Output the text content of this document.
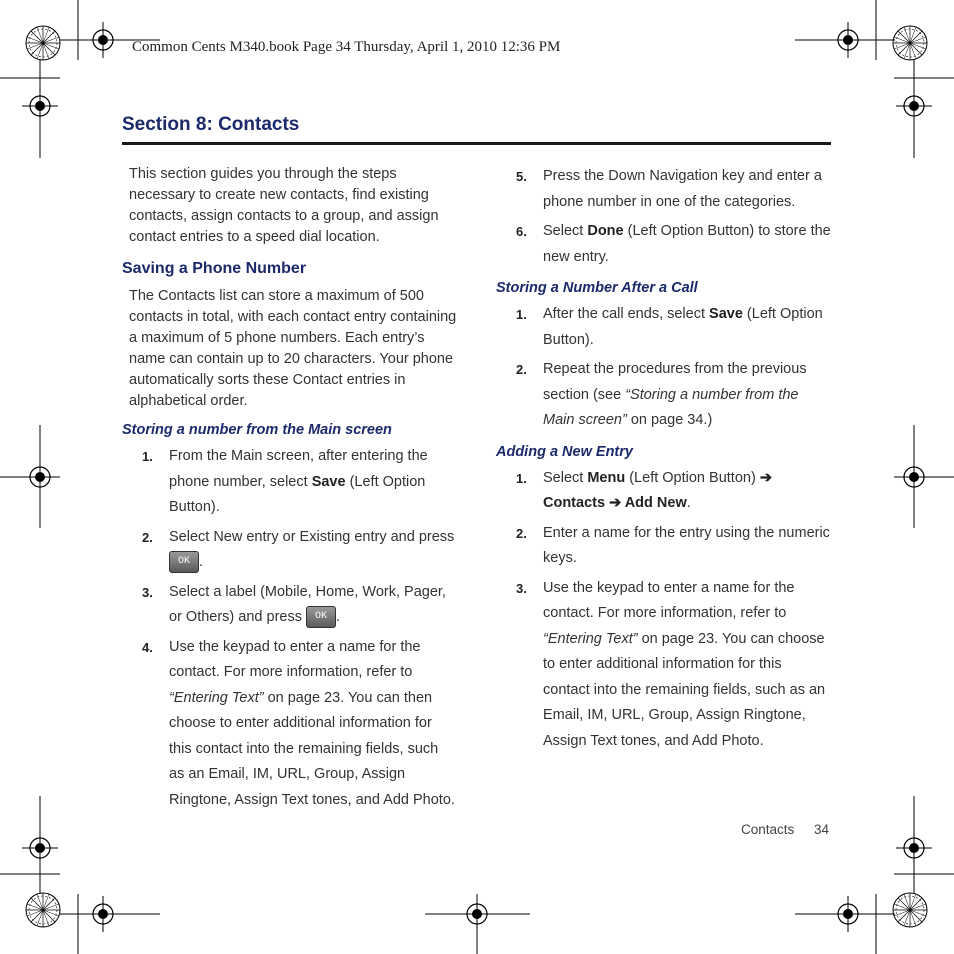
Common Cents M340.book Page 34 Thursday, April 1, 2010 12:36 PM
Section 8: Contacts

This section guides you through the steps necessary to create new contacts, find existing contacts, assign contacts to a group, and assign contact entries to a speed dial location.

Saving a Phone Number

The Contacts list can store a maximum of 500 contacts in total, with each contact entry containing a maximum of 5 phone numbers. Each entry’s name can contain up to 20 characters. Your phone automatically sorts these Contact entries in alphabetical order.

Storing a number from the Main screen
1. From the Main screen, after entering the phone number, select Save (Left Option Button).
2. Select New entry or Existing entry and press
OK .
3. Select a label (Mobile, Home, Work, Pager, or Others) and press OK .
4. Use the keypad to enter a name for the contact. For more information, refer to “Entering Text” on page 23. You can then choose to enter additional information for this contact into the remaining fields, such as an Email, IM, URL, Group, Assign Ringtone, Assign Text tones, and Add Photo.
5. Press the Down Navigation key and enter a phone number in one of the categories.
6. Select Done (Left Option Button) to store the new entry.
Storing a Number After a Call
1. After the call ends, select Save (Left Option Button).
2. Repeat the procedures from the previous section (see “Storing a number from the Main screen” on page 34.)
Adding a New Entry
1. Select Menu (Left Option Button) ➔ Contacts ➔ Add New.
2. Enter a name for the entry using the numeric keys.
3. Use the keypad to enter a name for the contact. For more information, refer to “Entering Text” on page 23. You can choose to enter additional information for this contact into the remaining fields, such as an Email, IM, URL, Group, Assign Ringtone, Assign Text tones, and Add Photo.
Contacts 34
